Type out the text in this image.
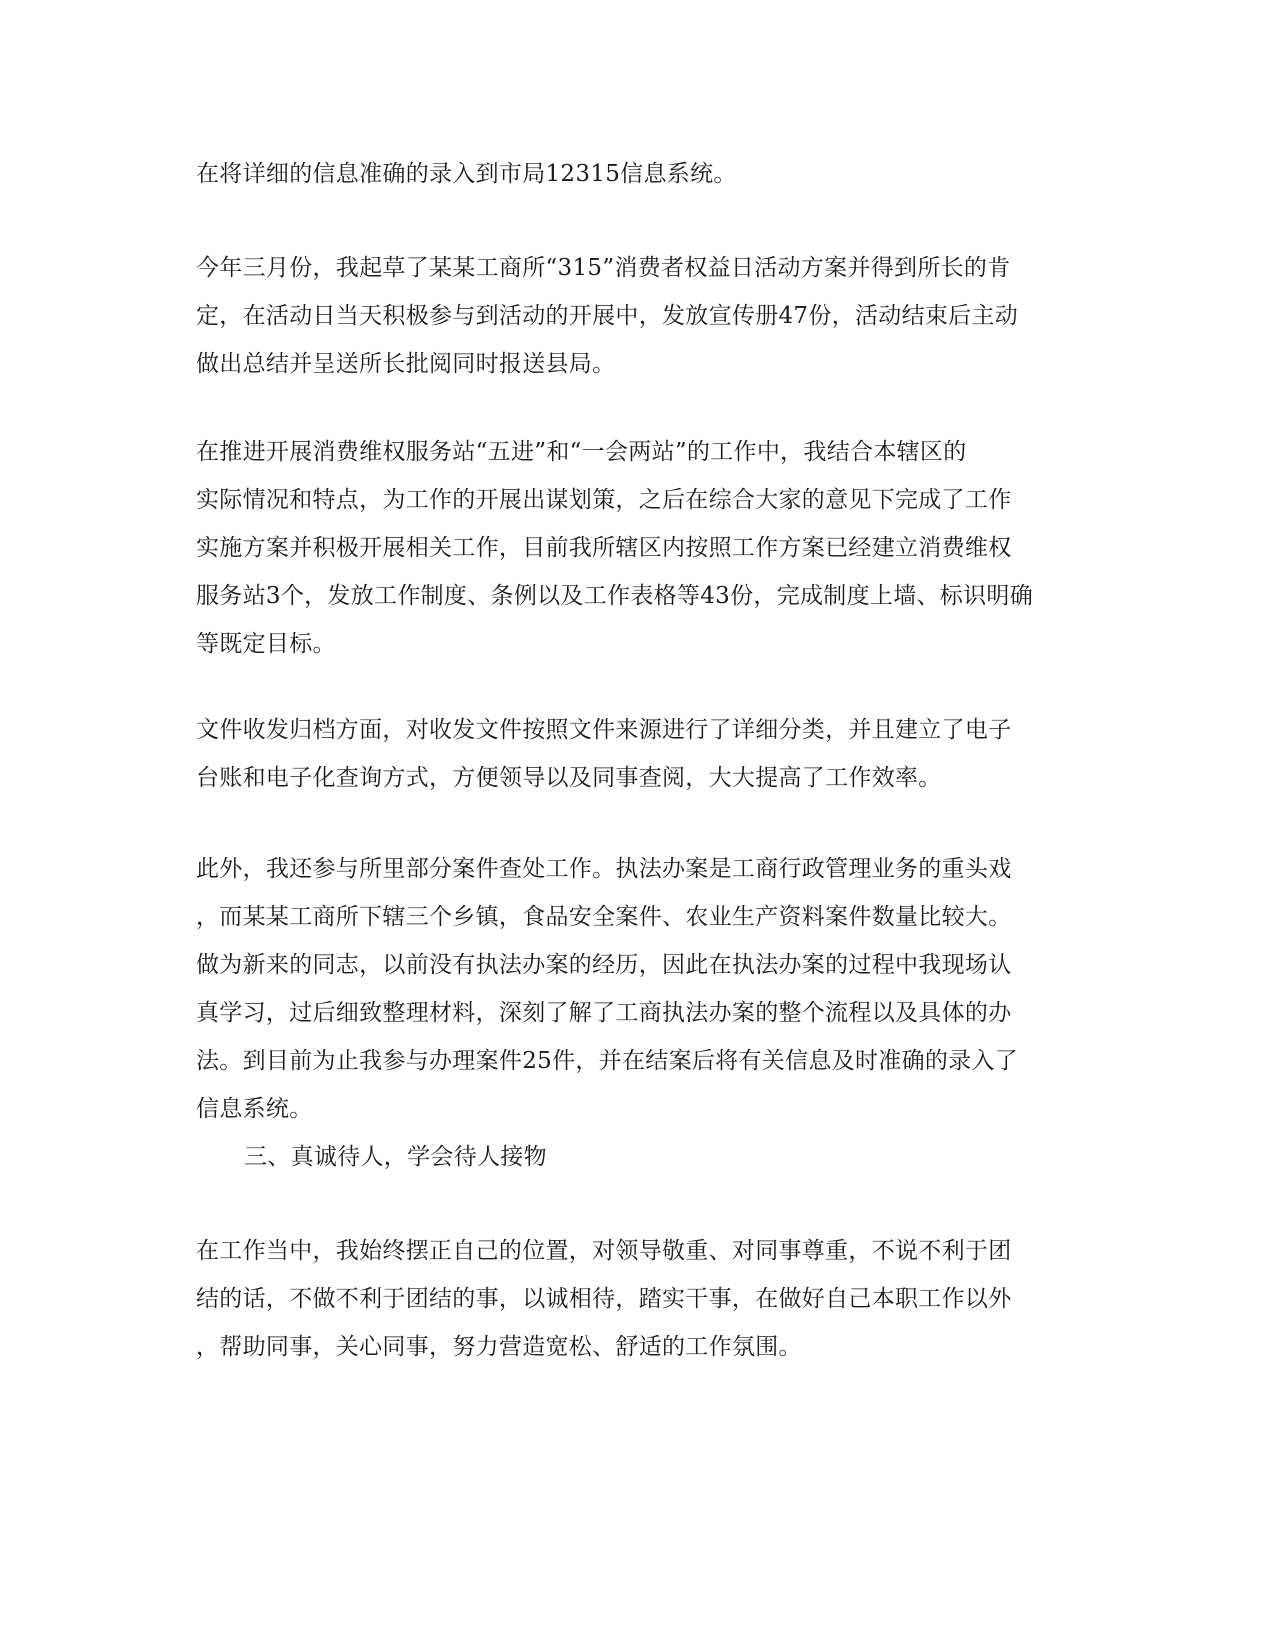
在将详细的信息准确的录入到市局12315信息系统。
今年三月份，我起草了某某工商所“315”消费者权益日活动方案并得到所长的肯
定，在活动日当天积极参与到活动的开展中，发放宣传册47份，活动结束后主动
做出总结并呈送所长批阅同时报送县局。
在推进开展消费维权服务站“五进”和“一会两站”的工作中，我结合本辖区的
实际情况和特点，为工作的开展出谋划策，之后在综合大家的意见下完成了工作
实施方案并积极开展相关工作，目前我所辖区内按照工作方案已经建立消费维权
服务站3个，发放工作制度、条例以及工作表格等43份，完成制度上墙、标识明确
等既定目标。
文件收发归档方面，对收发文件按照文件来源进行了详细分类，并且建立了电子
台账和电子化查询方式，方便领导以及同事查阅，大大提高了工作效率。
此外，我还参与所里部分案件查处工作。执法办案是工商行政管理业务的重头戏
，而某某工商所下辖三个乡镇，食品安全案件、农业生产资料案件数量比较大。
做为新来的同志，以前没有执法办案的经历，因此在执法办案的过程中我现场认
真学习，过后细致整理材料，深刻了解了工商执法办案的整个流程以及具体的办
法。到目前为止我参与办理案件25件，并在结案后将有关信息及时准确的录入了
信息系统。
三、真诚待人，学会待人接物
在工作当中，我始终摆正自己的位置，对领导敬重、对同事尊重，不说不利于团
结的话，不做不利于团结的事，以诚相待，踏实干事，在做好自己本职工作以外
，帮助同事，关心同事，努力营造宽松、舒适的工作氛围。
